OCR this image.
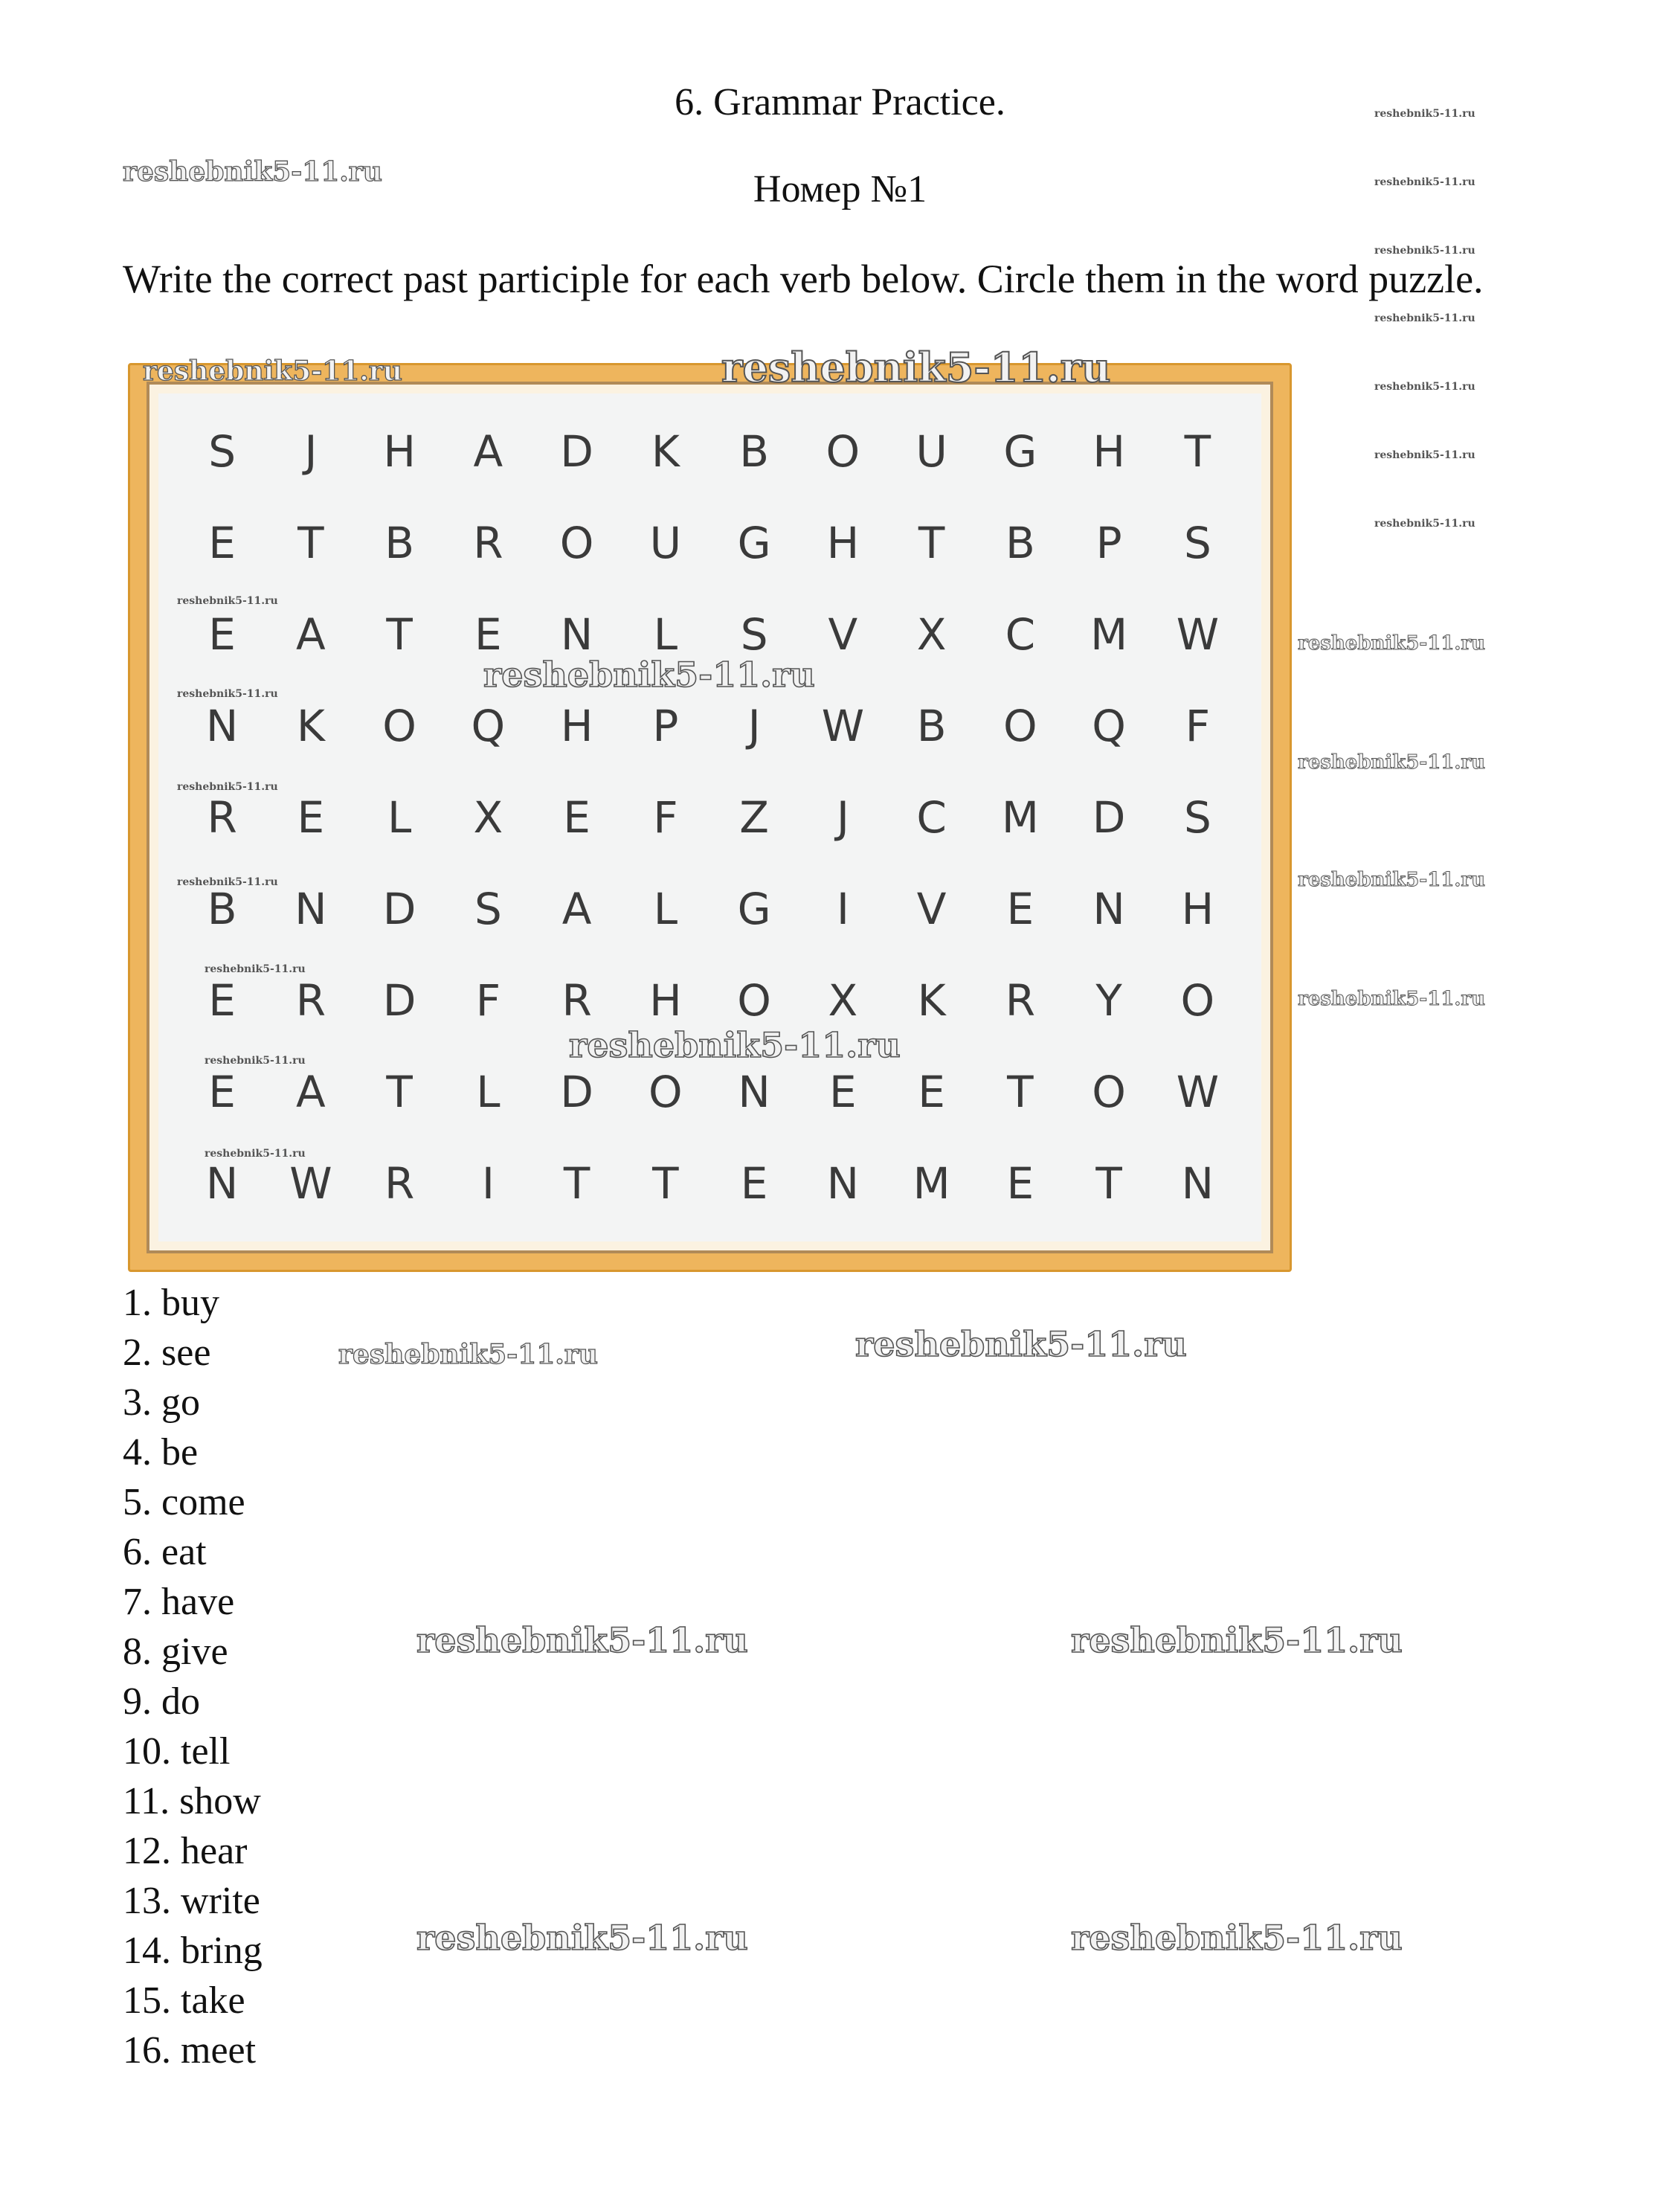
6. Grammar Practice.
Номер №1
Write the correct past participle for each verb below. Circle them in the word puzzle.
S	J	H	A	D	K	B	O	U	G	H	T
E	T	B	R	O	U	G	H	T	B	P	S
E	A	T	E	N	L	S	V	X	C	M	W
N	K	O	Q	H	P	J	W	B	O	Q	F
R	E	L	X	E	F	Z	J	C	M	D	S
B	N	D	S	A	L	G	I	V	E	N	H
E	R	D	F	R	H	O	X	K	R	Y	O
E	A	T	L	D	O	N	E	E	T	O	W
N	W	R	I	T	T	E	N	M	E	T	N
1. buy
2. see
3. go
4. be
5. come
6. eat
7. have
8. give
9. do
10. tell
11. show
12. hear
13. write
14. bring
15. take
16. meet
reshebnik5-11.ru
reshebnik5-11.ru
reshebnik5-11.ru
reshebnik5-11.ru
reshebnik5-11.ru
reshebnik5-11.ru
reshebnik5-11.ru
reshebnik5-11.ru	reshebnik5-11.ru
reshebnik5-11.ru	reshebnik5-11.ru
reshebnik5-11.ru
reshebnik5-11.ru
reshebnik5-11.ru
reshebnik5-11.ru
reshebnik5-11.ru
reshebnik5-11.ru
reshebnik5-11.ru
reshebnik5-11.ru
reshebnik5-11.ru
reshebnik5-11.ru
reshebnik5-11.ru
reshebnik5-11.ru
reshebnik5-11.ru
reshebnik5-11.ru
reshebnik5-11.ru
reshebnik5-11.ru
reshebnik5-11.ru
reshebnik5-11.ru
